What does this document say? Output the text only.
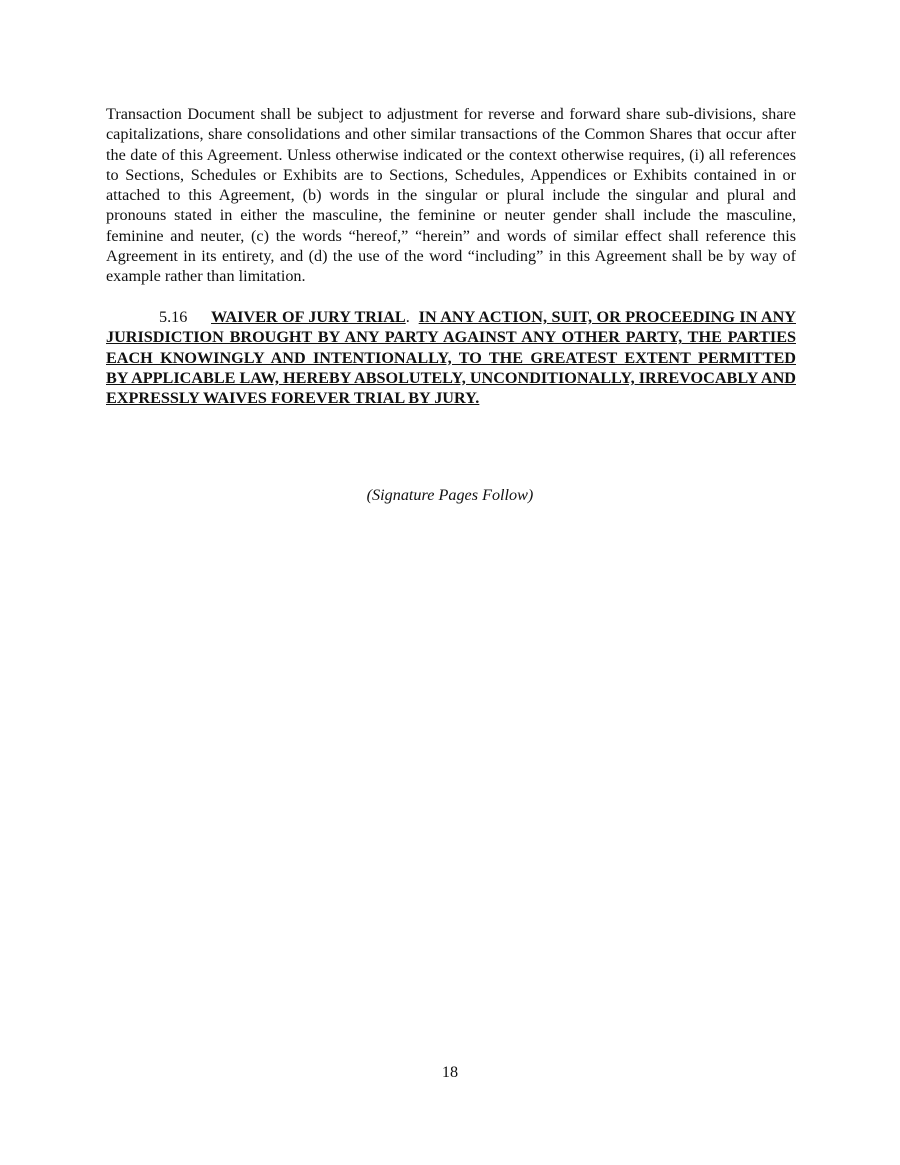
Transaction Document shall be subject to adjustment for reverse and forward share sub-divisions, share capitalizations, share consolidations and other similar transactions of the Common Shares that occur after the date of this Agreement. Unless otherwise indicated or the context otherwise requires, (i) all references to Sections, Schedules or Exhibits are to Sections, Schedules, Appendices or Exhibits contained in or attached to this Agreement, (b) words in the singular or plural include the singular and plural and pronouns stated in either the masculine, the feminine or neuter gender shall include the masculine, feminine and neuter, (c) the words “hereof,” “herein” and words of similar effect shall reference this Agreement in its entirety, and (d) the use of the word “including” in this Agreement shall be by way of example rather than limitation.

5.16 WAIVER OF JURY TRIAL. IN ANY ACTION, SUIT, OR PROCEEDING IN ANY JURISDICTION BROUGHT BY ANY PARTY AGAINST ANY OTHER PARTY, THE PARTIES EACH KNOWINGLY AND INTENTIONALLY, TO THE GREATEST EXTENT PERMITTED BY APPLICABLE LAW, HEREBY ABSOLUTELY, UNCONDITIONALLY, IRREVOCABLY AND EXPRESSLY WAIVES FOREVER TRIAL BY JURY.

(Signature Pages Follow)

18
